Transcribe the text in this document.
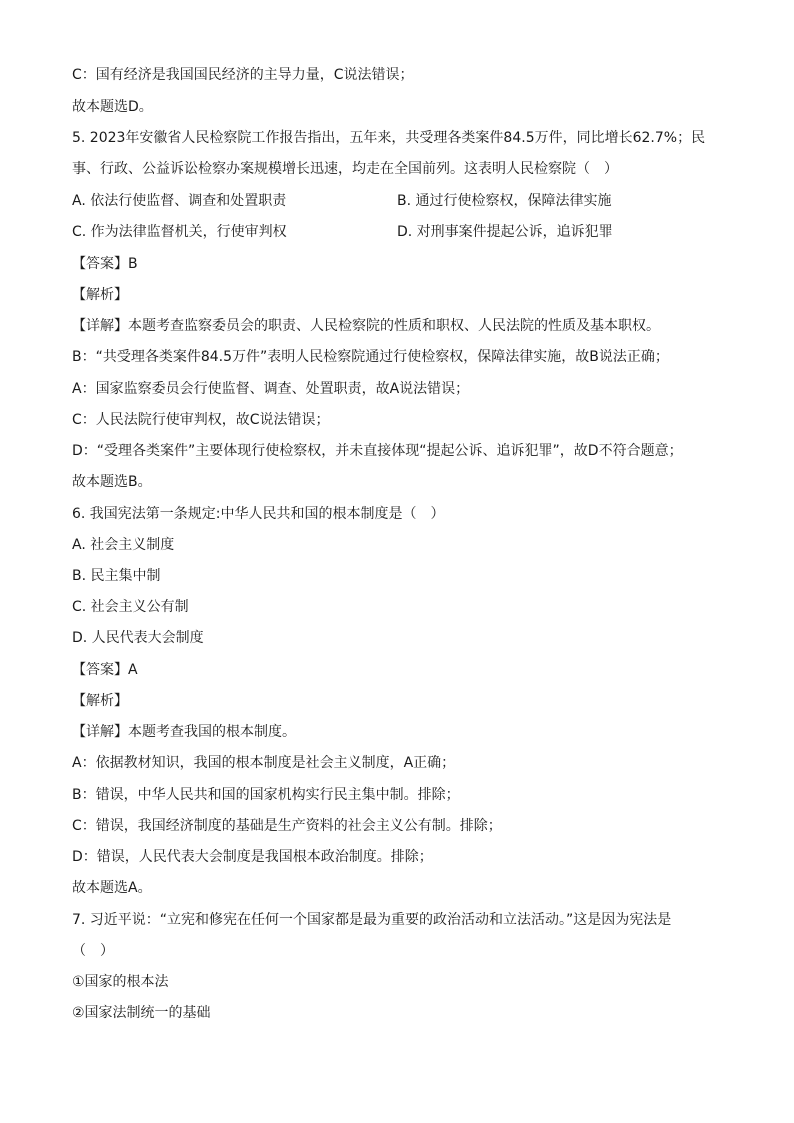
C：国有经济是我国国民经济的主导力量，C说法错误；
故本题选D。
5. 2023年安徽省人民检察院工作报告指出，五年来，共受理各类案件84.5万件，同比增长62.7%；民
事、行政、公益诉讼检察办案规模增长迅速，均走在全国前列。这表明人民检察院（　）
A. 依法行使监督、调查和处置职责	B. 通过行使检察权，保障法律实施
C. 作为法律监督机关，行使审判权	D. 对刑事案件提起公诉，追诉犯罪
【答案】B
【解析】
【详解】本题考查监察委员会的职责、人民检察院的性质和职权、人民法院的性质及基本职权。
B：“共受理各类案件84.5万件”表明人民检察院通过行使检察权，保障法律实施，故B说法正确；
A：国家监察委员会行使监督、调查、处置职责，故A说法错误；
C：人民法院行使审判权，故C说法错误；
D：“受理各类案件”主要体现行使检察权，并未直接体现“提起公诉、追诉犯罪”，故D不符合题意；
故本题选B。
6. 我国宪法第一条规定:中华人民共和国的根本制度是（　）
A. 社会主义制度
B. 民主集中制
C. 社会主义公有制
D. 人民代表大会制度
【答案】A
【解析】
【详解】本题考查我国的根本制度。
A：依据教材知识，我国的根本制度是社会主义制度，A正确；
B：错误，中华人民共和国的国家机构实行民主集中制。排除；
C：错误，我国经济制度的基础是生产资料的社会主义公有制。排除；
D：错误，人民代表大会制度是我国根本政治制度。排除；
故本题选A。
7. 习近平说：“立宪和修宪在任何一个国家都是最为重要的政治活动和立法活动。”这是因为宪法是
（　）
①国家的根本法
②国家法制统一的基础
